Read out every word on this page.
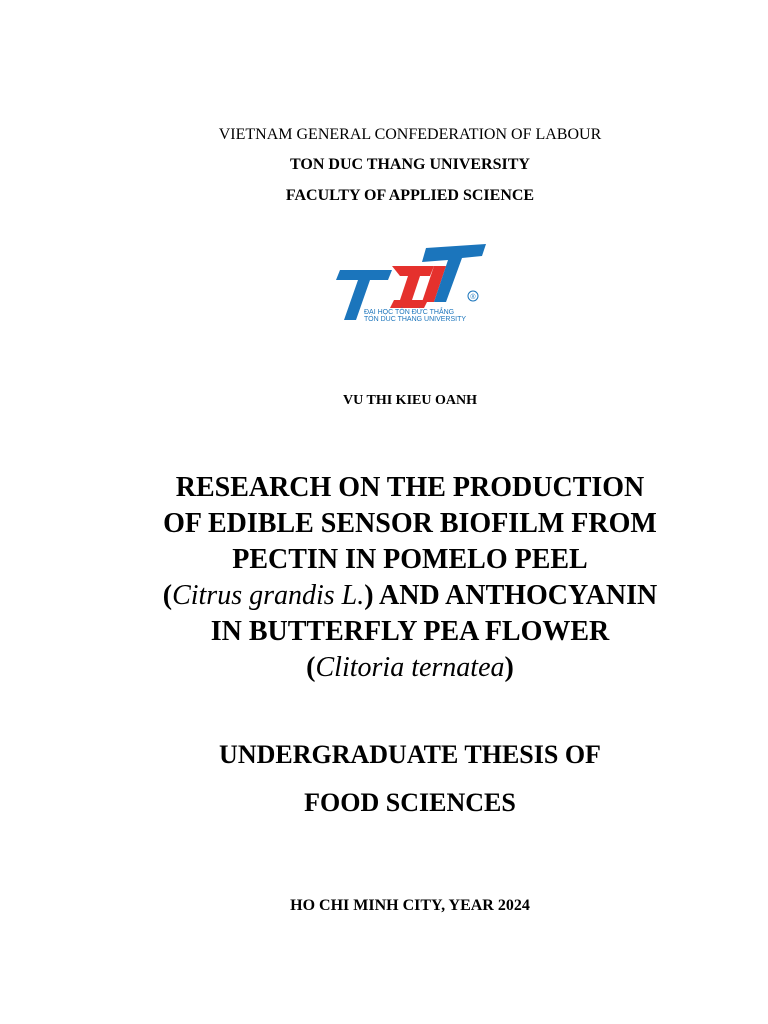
VIETNAM GENERAL CONFEDERATION OF LABOUR
TON DUC THANG UNIVERSITY
FACULTY OF APPLIED SCIENCE
®
ĐẠI HỌC TÔN ĐỨC THẮNG
TON DUC THANG UNIVERSITY
VU THI KIEU OANH
RESEARCH ON THE PRODUCTION
OF EDIBLE SENSOR BIOFILM FROM
PECTIN IN POMELO PEEL
(Citrus grandis L.) AND ANTHOCYANIN
IN BUTTERFLY PEA FLOWER
(Clitoria ternatea)
UNDERGRADUATE THESIS OF
FOOD SCIENCES
HO CHI MINH CITY, YEAR 2024
